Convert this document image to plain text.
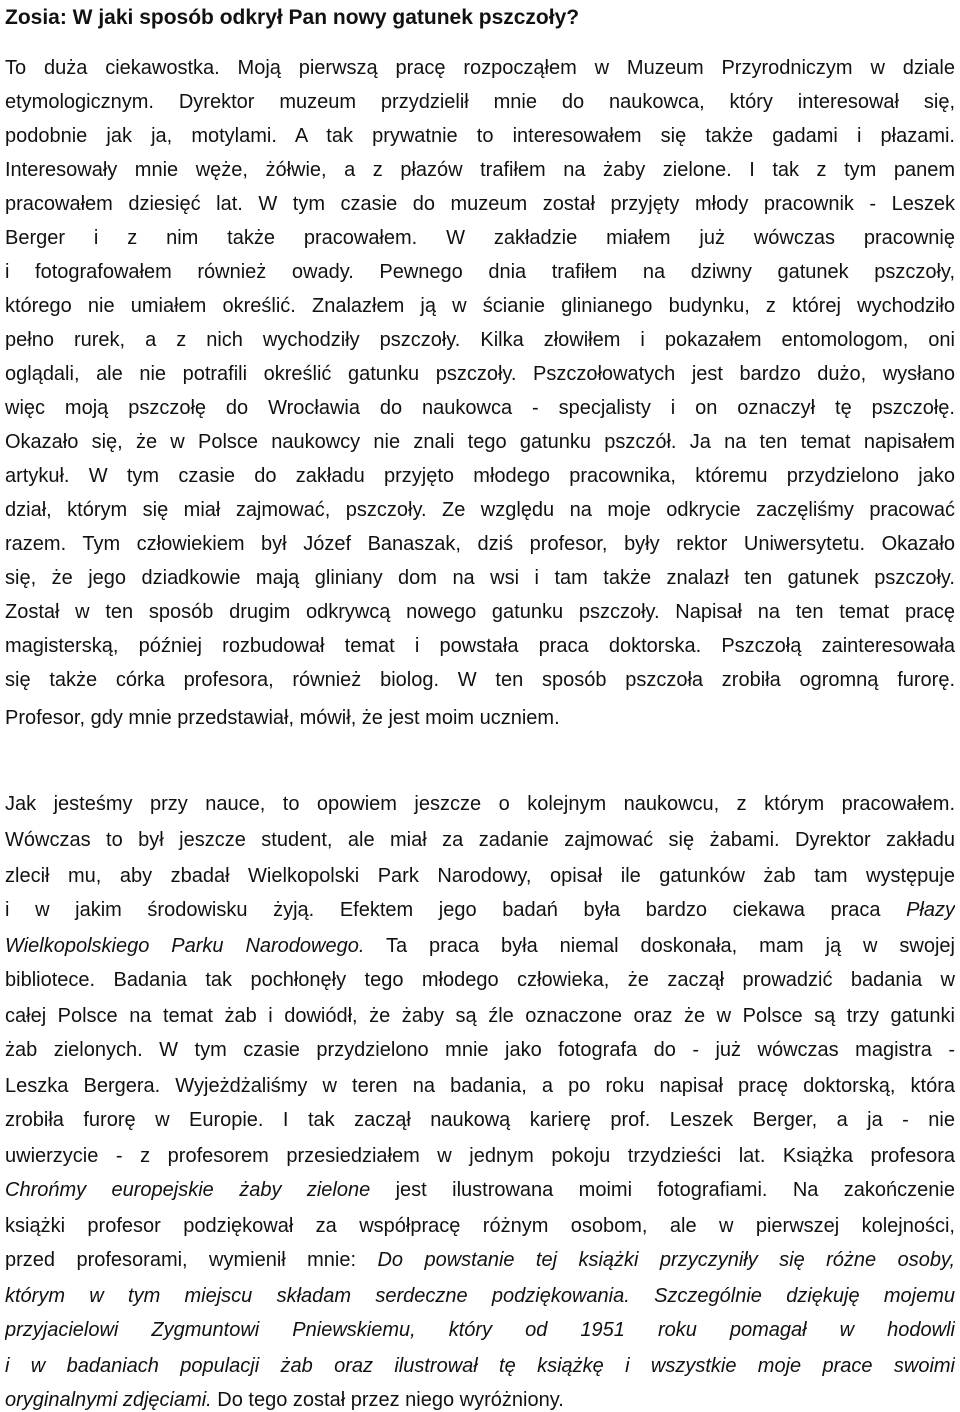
Zosia: W jaki sposób odkrył Pan nowy gatunek pszczoły?
To duża ciekawostka. Moją pierwszą pracę rozpocząłem w Muzeum Przyrodniczym w dziale
etymologicznym. Dyrektor muzeum przydzielił mnie do naukowca, który interesował się,
podobnie jak ja, motylami. A tak prywatnie to interesowałem się także gadami i płazami.
Interesowały mnie węże, żółwie, a z płazów trafiłem na żaby zielone. I tak z tym panem
pracowałem dziesięć lat. W tym czasie do muzeum został przyjęty młody pracownik - Leszek
Berger i z nim także pracowałem. W zakładzie miałem już wówczas pracownię
i fotografowałem również owady. Pewnego dnia trafiłem na dziwny gatunek pszczoły,
którego nie umiałem określić. Znalazłem ją w ścianie glinianego budynku, z której wychodziło
pełno rurek, a z nich wychodziły pszczoły. Kilka złowiłem i pokazałem entomologom, oni
oglądali, ale nie potrafili określić gatunku pszczoły. Pszczołowatych jest bardzo dużo, wysłano
więc moją pszczołę do Wrocławia do naukowca - specjalisty i on oznaczył tę pszczołę.
Okazało się, że w Polsce naukowcy nie znali tego gatunku pszczół. Ja na ten temat napisałem
artykuł. W tym czasie do zakładu przyjęto młodego pracownika, któremu przydzielono jako
dział, którym się miał zajmować, pszczoły. Ze względu na moje odkrycie zaczęliśmy pracować
razem. Tym człowiekiem był Józef Banaszak, dziś profesor, były rektor Uniwersytetu. Okazało
się, że jego dziadkowie mają gliniany dom na wsi i tam także znalazł ten gatunek pszczoły.
Został w ten sposób drugim odkrywcą nowego gatunku pszczoły. Napisał na ten temat pracę
magisterską, później rozbudował temat i powstała praca doktorska. Pszczołą zainteresowała
się także córka profesora, również biolog. W ten sposób pszczoła zrobiła ogromną furorę.
Profesor, gdy mnie przedstawiał, mówił, że jest moim uczniem.
Jak jesteśmy przy nauce, to opowiem jeszcze o kolejnym naukowcu, z którym pracowałem.
Wówczas to był jeszcze student, ale miał za zadanie zajmować się żabami. Dyrektor zakładu
zlecił mu, aby zbadał Wielkopolski Park Narodowy, opisał ile gatunków żab tam występuje
i w jakim środowisku żyją. Efektem jego badań była bardzo ciekawa praca Płazy
Wielkopolskiego Parku Narodowego. Ta praca była niemal doskonała, mam ją w swojej
bibliotece. Badania tak pochłonęły tego młodego człowieka, że zaczął prowadzić badania w
całej Polsce na temat żab i dowiódł, że żaby są źle oznaczone oraz że w Polsce są trzy gatunki
żab zielonych. W tym czasie przydzielono mnie jako fotografa do - już wówczas magistra -
Leszka Bergera. Wyjeżdżaliśmy w teren na badania, a po roku napisał pracę doktorską, która
zrobiła furorę w Europie. I tak zaczął naukową karierę prof. Leszek Berger, a ja - nie
uwierzycie - z profesorem przesiedziałem w jednym pokoju trzydzieści lat. Książka profesora
Chrońmy europejskie żaby zielone jest ilustrowana moimi fotografiami. Na zakończenie
książki profesor podziękował za współpracę różnym osobom, ale w pierwszej kolejności,
przed profesorami, wymienił mnie: Do powstanie tej książki przyczyniły się różne osoby,
którym w tym miejscu składam serdeczne podziękowania. Szczególnie dziękuję mojemu
przyjacielowi Zygmuntowi Pniewskiemu, który od 1951 roku pomagał w hodowli
i w badaniach populacji żab oraz ilustrował tę książkę i wszystkie moje prace swoimi
oryginalnymi zdjęciami. Do tego został przez niego wyróżniony.
